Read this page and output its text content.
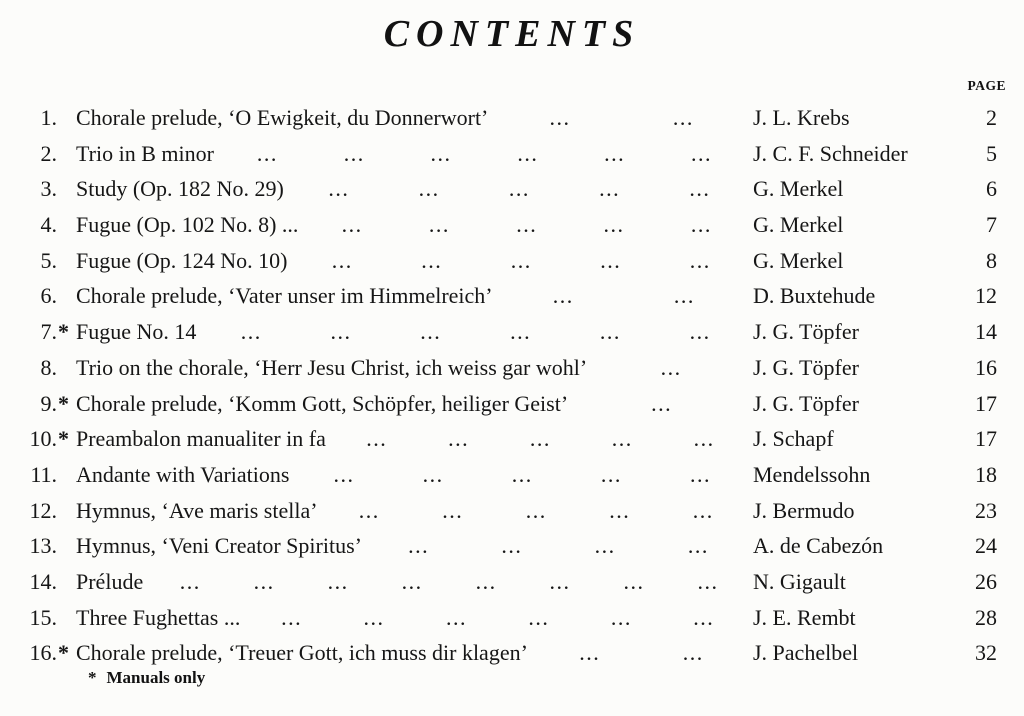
CONTENTS
PAGE
1. Chorale prelude, ‘O Ewigkeit, du Donnerwort’	...	...	J. L. Krebs	2
2. Trio in B minor ...	...	...	...	...	... J. C. F. Schneider	5
3. Study (Op. 182 No. 29) ...	...	...	...	... G. Merkel	6
4. Fugue (Op. 102 No. 8) ... ...	...	...	...	... G. Merkel	7
5. Fugue (Op. 124 No. 10) ...	...	...	...	... G. Merkel	8
6. Chorale prelude, ‘Vater unser im Himmelreich’	...	...	D. Buxtehude	12
7. * Fugue No. 14 ...	...	...	...	...	... J. G. Töpfer	14
8. Trio on the chorale, ‘Herr Jesu Christ, ich weiss gar wohl’	...	J. G. Töpfer	16
9. * Chorale prelude, ‘Komm Gott, Schöpfer, heiliger Geist’	...	J. G. Töpfer	17
10. * Preambalon manualiter in fa ...	...	...	...	... J. Schapf	17
11. Andante with Variations ...	...	...	...	... Mendelssohn	18
12. Hymnus, ‘Ave maris stella’ ...	...	...	...	... J. Bermudo	23
13. Hymnus, ‘Veni Creator Spiritus’ ...	...	...	... A. de Cabezón	24
14. Prélude ... ... ... ... ... ... ... ... N. Gigault	26
15. Three Fughettas ... ...	...	...	...	...	... J. E. Rembt	28
16. * Chorale prelude, ‘Treuer Gott, ich muss dir klagen’ ...	... J. Pachelbel	32
* Manuals only
